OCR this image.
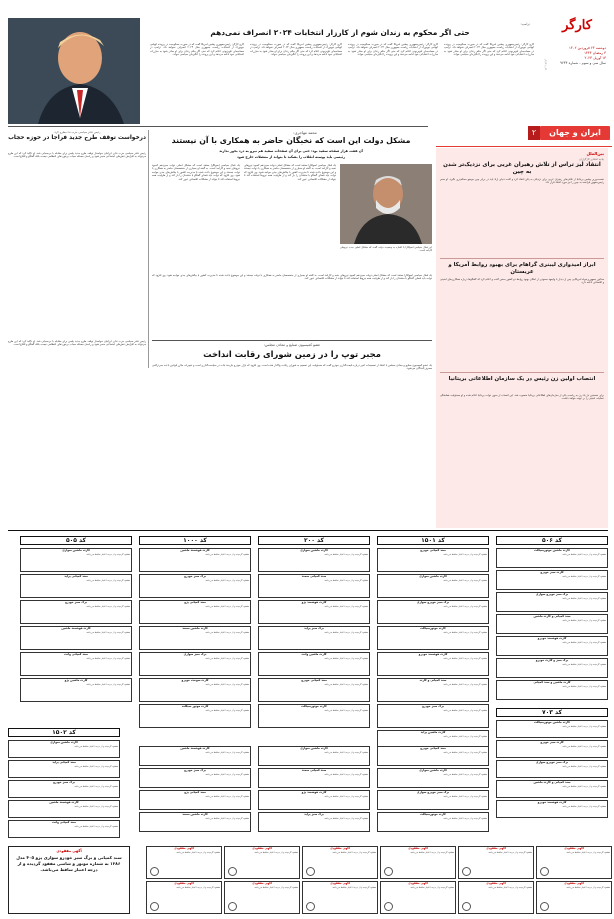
کارگر
کار و کارگر
دوشنبه ۲۴ فروردین ۱۴۰۲
۳ رمضان ۱۴۴۴
۱۳ آوریل ۲۰۲۳
سال سی و سوم - شماره ۹۶۳۴
ایران و جهان
۲
ترامپ:
حتی اگر محکوم به زندان شوم از کارزار انتخابات ۲۰۲۴ انصراف نمی‌دهم
کارو کارگر: رئیس‌جمهوری پیشین آمریکا گفت که در صورت محکومیت در پرونده اتهامی نیویورک از انتخابات ریاست جمهوری سال ۲۰۲۴ انصراف نخواهد داد. ترامپ در مصاحبه‌ای تلویزیونی اعلام کرد که حتی اگر حکم زندان برای او صادر شود به مبارزات انتخاباتی خود ادامه می‌دهد و این پرونده را انگیزه‌ای سیاسی خواند.
کارو کارگر: رئیس‌جمهوری پیشین آمریکا گفت که در صورت محکومیت در پرونده اتهامی نیویورک از انتخابات ریاست جمهوری سال ۲۰۲۴ انصراف نخواهد داد. ترامپ در مصاحبه‌ای تلویزیونی اعلام کرد که حتی اگر حکم زندان برای او صادر شود به مبارزات انتخاباتی خود ادامه می‌دهد و این پرونده را انگیزه‌ای سیاسی خواند.
کارو کارگر: رئیس‌جمهوری پیشین آمریکا گفت که در صورت محکومیت در پرونده اتهامی نیویورک از انتخابات ریاست جمهوری سال ۲۰۲۴ انصراف نخواهد داد. ترامپ در مصاحبه‌ای تلویزیونی اعلام کرد که حتی اگر حکم زندان برای او صادر شود به مبارزات انتخاباتی خود ادامه می‌دهد و این پرونده را انگیزه‌ای سیاسی خواند.
کارو کارگر: رئیس‌جمهوری پیشین آمریکا گفت که در صورت محکومیت در پرونده اتهامی نیویورک از انتخابات ریاست جمهوری سال ۲۰۲۴ انصراف نخواهد داد. ترامپ در مصاحبه‌ای تلویزیونی اعلام کرد که حتی اگر حکم زندان برای او صادر شود به مبارزات انتخاباتی خود ادامه می‌دهد و این پرونده را انگیزه‌ای سیاسی خواند.
بین‌الملل
بیانیه انتقادی کارگزاران
انتقاد لیز تراس از تلاش رهبران غربی برای نزدیک‌تر شدن به چین
نخست‌وزیر پیشین بریتانیا از تلاش‌های رهبران غربی برای نزدیکی به پکن انتقاد کرد و گفت دنیای آزاد باید در برابر چین موضع محکم‌تری بگیرد. او سفر رئیس‌جمهور فرانسه به چین را نیز مورد انتقاد قرار داد.
ابراز امیدواری لیبنری گراهام برای بهبود روابط آمریکا و عربستان
سناتور جمهوری‌خواه آمریکایی پس از دیدار با ولیعهد سعودی از امکان بهبود روابط دو کشور سخن گفت و اعلام کرد که گفتگوها درباره همکاری‌های امنیتی و اقتصادی ادامه دارد.
انتصاب اولین زن رئیس در یک سازمان اطلاعاتی بریتانیا
برای نخستین بار یک زن به ریاست یکی از سازمان‌های اطلاعاتی بریتانیا منصوب شد. این انتصاب از سوی دولت بریتانیا اعلام شده و او مسئولیت هماهنگی عملیات امنیتی را بر عهده خواهد داشت.
محمد مهاجری:
مشکل دولت این است که نخبگان حاضر به همکاری با آن نیستند
آن هفت هزار صفحه سفید بود: حتی برای آن صفحات سفید هم نیرو به درد بخور ندارند
رئیسی باید پوسته انقلاب را بشکند تا بتواند از معضلات خارج شود
این فعال سیاسی اصولگرا با اشاره به وضعیت دولت گفت که مشکل اصلی جذب نیروهای کارآمد است.
یک فعال سیاسی اصولگرا معتقد است که مشکل اصلی دولت سیزدهم کمبود نیروهای نخبه و کارآمد است. به گفته او بسیاری از متخصصان حاضر به همکاری با دولت نیستند و این موضوع باعث شده تا مدیریت کشور با چالش‌های جدی مواجه شود. وی افزود که دولت باید فضای گفتگو با منتقدان را باز کند و از ظرفیت همه نیروها استفاده کند تا بتواند از مشکلات اقتصادی عبور کند.
یک فعال سیاسی اصولگرا معتقد است که مشکل اصلی دولت سیزدهم کمبود نیروهای نخبه و کارآمد است. به گفته او بسیاری از متخصصان حاضر به همکاری با دولت نیستند و این موضوع باعث شده تا مدیریت کشور با چالش‌های جدی مواجه شود. وی افزود که دولت باید فضای گفتگو با منتقدان را باز کند و از ظرفیت همه نیروها استفاده کند تا بتواند از مشکلات اقتصادی عبور کند.
یک فعال سیاسی اصولگرا معتقد است که مشکل اصلی دولت سیزدهم کمبود نیروهای نخبه و کارآمد است. به گفته او بسیاری از متخصصان حاضر به همکاری با دولت نیستند و این موضوع باعث شده تا مدیریت کشور با چالش‌های جدی مواجه شود. وی افزود که دولت باید فضای گفتگو با منتقدان را باز کند و از ظرفیت همه نیروها استفاده کند تا بتواند از مشکلات اقتصادی عبور کند.
رئیس دفتر سیاسی حزب ندا مطرح کرد:
درخواست توقف طرح جدید فراجا در حوزه حجاب
رئیس دفتر سیاسی حزب ندای ایرانیان خواستار توقف طرح جدید پلیس برای مقابله با بی‌حجابی شد. او تأکید کرد که این طرح می‌تواند به افزایش تنش‌های اجتماعی منجر شود و راه‌حل مسئله حجاب برخوردهای انتظامی نیست بلکه گفتگو و اقناع است.
عضو کمیسیون صنایع و معادن مجلس:
مجبر توپ را در زمین شورای رقابت انداخت
یک عضو کمیسیون صنایع و معادن مجلس با انتقاد از تصمیمات اخیر درباره قیمت‌گذاری خودرو گفت که مسئولیت این تصمیم به شورای رقابت واگذار شده است. وی افزود که بازار خودرو نیازمند ثبات در سیاست‌گذاری است و تغییرات مکرر قوانین باعث سردرگمی مصرف‌کنندگان می‌شود.
رئیس دفتر سیاسی حزب ندای ایرانیان خواستار توقف طرح جدید پلیس برای مقابله با بی‌حجابی شد. او تأکید کرد که این طرح می‌تواند به افزایش تنش‌های اجتماعی منجر شود و راه‌حل مسئله حجاب برخوردهای انتظامی نیست بلکه گفتگو و اقناع است.
کد ۵۰۶
کارت ماشین موتورسیکلت
مفقود گردیده و از درجه اعتبار ساقط می‌باشد
کارت سبز خودرو
مفقود گردیده و از درجه اعتبار ساقط می‌باشد
برگ سبز خودرو سواری
مفقود گردیده و از درجه اعتبار ساقط می‌باشد
سند کمپانی و کارت ماشین
مفقود گردیده و از درجه اعتبار ساقط می‌باشد
کارت هوشمند خودرو
مفقود گردیده و از درجه اعتبار ساقط می‌باشد
برگ سبز و کارت خودرو
مفقود گردیده و از درجه اعتبار ساقط می‌باشد
کارت ماشین و سند کمپانی
مفقود گردیده و از درجه اعتبار ساقط می‌باشد
کد ۱۵۰۱
سند کمپانی خودرو
مفقود گردیده و از درجه اعتبار ساقط می‌باشد
کارت ماشین سواری
مفقود گردیده و از درجه اعتبار ساقط می‌باشد
برگ سبز خودرو سواری
مفقود گردیده و از درجه اعتبار ساقط می‌باشد
کارت موتورسیکلت
مفقود گردیده و از درجه اعتبار ساقط می‌باشد
کارت هوشمند خودرو
مفقود گردیده و از درجه اعتبار ساقط می‌باشد
سند کمپانی و کارت
مفقود گردیده و از درجه اعتبار ساقط می‌باشد
برگ سبز خودرو
مفقود گردیده و از درجه اعتبار ساقط می‌باشد
کارت ماشین پراید
مفقود گردیده و از درجه اعتبار ساقط می‌باشد
کد ۲۰۰
کارت ماشین سواری
مفقود گردیده و از درجه اعتبار ساقط می‌باشد
سند کمپانی سمند
مفقود گردیده و از درجه اعتبار ساقط می‌باشد
کارت هوشمند پژو
مفقود گردیده و از درجه اعتبار ساقط می‌باشد
برگ سبز پراید
مفقود گردیده و از درجه اعتبار ساقط می‌باشد
کارت ماشین وانت
مفقود گردیده و از درجه اعتبار ساقط می‌باشد
سند کمپانی خودرو
مفقود گردیده و از درجه اعتبار ساقط می‌باشد
کارت موتورسیکلت
مفقود گردیده و از درجه اعتبار ساقط می‌باشد
کد ۱۰۰۰
کارت هوشمند ماشین
مفقود گردیده و از درجه اعتبار ساقط می‌باشد
برگ سبز خودرو
مفقود گردیده و از درجه اعتبار ساقط می‌باشد
سند کمپانی پژو
مفقود گردیده و از درجه اعتبار ساقط می‌باشد
کارت ماشین سمند
مفقود گردیده و از درجه اعتبار ساقط می‌باشد
برگ سبز سواری
مفقود گردیده و از درجه اعتبار ساقط می‌باشد
کارت سوخت خودرو
مفقود گردیده و از درجه اعتبار ساقط می‌باشد
کارت موتور سیکلت
مفقود گردیده و از درجه اعتبار ساقط می‌باشد
کد ۵۰۵
کارت ماشین سواری
مفقود گردیده و از درجه اعتبار ساقط می‌باشد
سند کمپانی پراید
مفقود گردیده و از درجه اعتبار ساقط می‌باشد
برگ سبز خودرو
مفقود گردیده و از درجه اعتبار ساقط می‌باشد
کارت هوشمند ماشین
مفقود گردیده و از درجه اعتبار ساقط می‌باشد
سند کمپانی وانت
مفقود گردیده و از درجه اعتبار ساقط می‌باشد
کارت ماشین پژو
مفقود گردیده و از درجه اعتبار ساقط می‌باشد
کارت ماشین موتورسیکلت
مفقود گردیده و از درجه اعتبار ساقط می‌باشد
کارت ماشین سواری
مفقود گردیده و از درجه اعتبار ساقط می‌باشد
کارت سبز خودرو
مفقود گردیده و از درجه اعتبار ساقط می‌باشد
سند کمپانی پراید
مفقود گردیده و از درجه اعتبار ساقط می‌باشد
برگ سبز خودرو سواری
مفقود گردیده و از درجه اعتبار ساقط می‌باشد
برگ سبز خودرو
مفقود گردیده و از درجه اعتبار ساقط می‌باشد
سند کمپانی و کارت ماشین
مفقود گردیده و از درجه اعتبار ساقط می‌باشد
کارت هوشمند ماشین
مفقود گردیده و از درجه اعتبار ساقط می‌باشد
کارت هوشمند خودرو
مفقود گردیده و از درجه اعتبار ساقط می‌باشد
سند کمپانی وانت
مفقود گردیده و از درجه اعتبار ساقط می‌باشد
سند کمپانی خودرو
مفقود گردیده و از درجه اعتبار ساقط می‌باشد
کارت ماشین سواری
مفقود گردیده و از درجه اعتبار ساقط می‌باشد
برگ سبز خودرو سواری
مفقود گردیده و از درجه اعتبار ساقط می‌باشد
کارت موتورسیکلت
مفقود گردیده و از درجه اعتبار ساقط می‌باشد
کارت ماشین سواری
مفقود گردیده و از درجه اعتبار ساقط می‌باشد
سند کمپانی سمند
مفقود گردیده و از درجه اعتبار ساقط می‌باشد
کارت هوشمند پژو
مفقود گردیده و از درجه اعتبار ساقط می‌باشد
برگ سبز پراید
مفقود گردیده و از درجه اعتبار ساقط می‌باشد
کارت هوشمند ماشین
مفقود گردیده و از درجه اعتبار ساقط می‌باشد
برگ سبز خودرو
مفقود گردیده و از درجه اعتبار ساقط می‌باشد
سند کمپانی پژو
مفقود گردیده و از درجه اعتبار ساقط می‌باشد
کارت ماشین سمند
مفقود گردیده و از درجه اعتبار ساقط می‌باشد
کد ۷۰۳
کد ۱۵۰۲
آگهی مفقودی
سند کمپانی و برگ سبز خودرو سواری پژو ۴۰۵ مدل ۱۳۸۶ به شماره موتور و شاسی مفقود گردیده و از درجه اعتبار ساقط می‌باشد.
آگهی مفقودی
مفقود گردیده و از درجه اعتبار ساقط می‌باشد
آگهی مفقودی
مفقود گردیده و از درجه اعتبار ساقط می‌باشد
آگهی مفقودی
مفقود گردیده و از درجه اعتبار ساقط می‌باشد
آگهی مفقودی
مفقود گردیده و از درجه اعتبار ساقط می‌باشد
آگهی مفقودی
مفقود گردیده و از درجه اعتبار ساقط می‌باشد
آگهی مفقودی
مفقود گردیده و از درجه اعتبار ساقط می‌باشد
آگهی مفقودی
مفقود گردیده و از درجه اعتبار ساقط می‌باشد
آگهی مفقودی
مفقود گردیده و از درجه اعتبار ساقط می‌باشد
آگهی مفقودی
مفقود گردیده و از درجه اعتبار ساقط می‌باشد
آگهی مفقودی
مفقود گردیده و از درجه اعتبار ساقط می‌باشد
آگهی مفقودی
مفقود گردیده و از درجه اعتبار ساقط می‌باشد
آگهی مفقودی
مفقود گردیده و از درجه اعتبار ساقط می‌باشد
